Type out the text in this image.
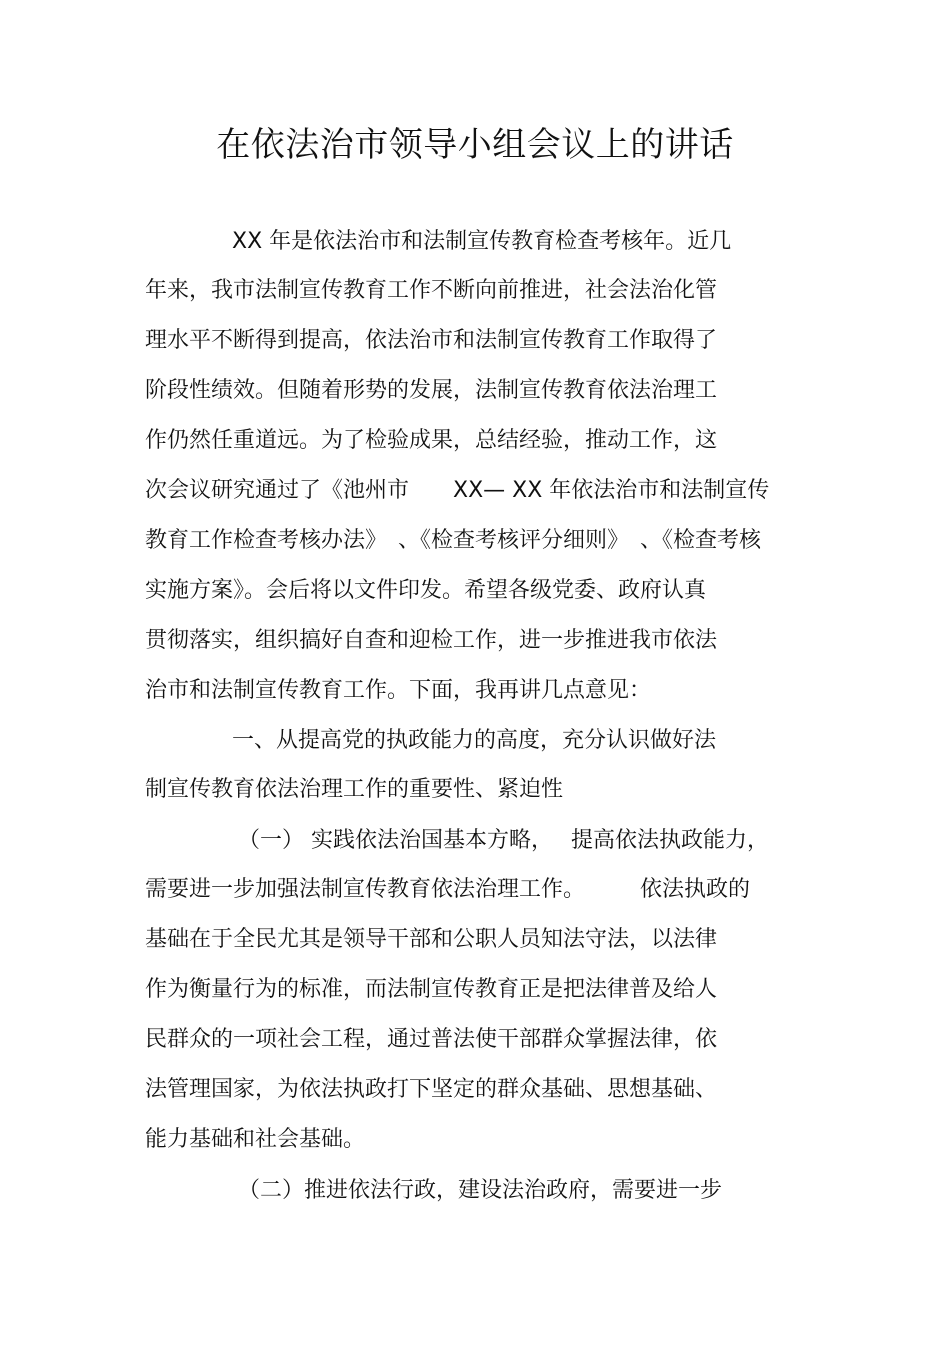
在依法治市领导小组会议上的讲话
XX 年是依法治市和法制宣传教育检查考核年。近几
年来，我市法制宣传教育工作不断向前推进，社会法治化管
理水平不断得到提高，依法治市和法制宣传教育工作取得了
阶段性绩效。但随着形势的发展，法制宣传教育依法治理工
作仍然任重道远。为了检验成果，总结经验，推动工作，这
次会议研究通过了《池州市　　XX— XX 年依法治市和法制宣传
教育工作检查考核办法》　、《检查考核评分细则》　、《检查考核
实施方案》。会后将以文件印发。希望各级党委、政府认真
贯彻落实，组织搞好自查和迎检工作，进一步推进我市依法
治市和法制宣传教育工作。下面，我再讲几点意见：
一、从提高党的执政能力的高度，充分认识做好法
制宣传教育依法治理工作的重要性、紧迫性
（一） 实践依法治国基本方略，　 提高依法执政能力，
需要进一步加强法制宣传教育依法治理工作。　　　依法执政的
基础在于全民尤其是领导干部和公职人员知法守法，以法律
作为衡量行为的标准，而法制宣传教育正是把法律普及给人
民群众的一项社会工程，通过普法使干部群众掌握法律，依
法管理国家，为依法执政打下坚定的群众基础、思想基础、
能力基础和社会基础。
（二）推进依法行政，建设法治政府，需要进一步
